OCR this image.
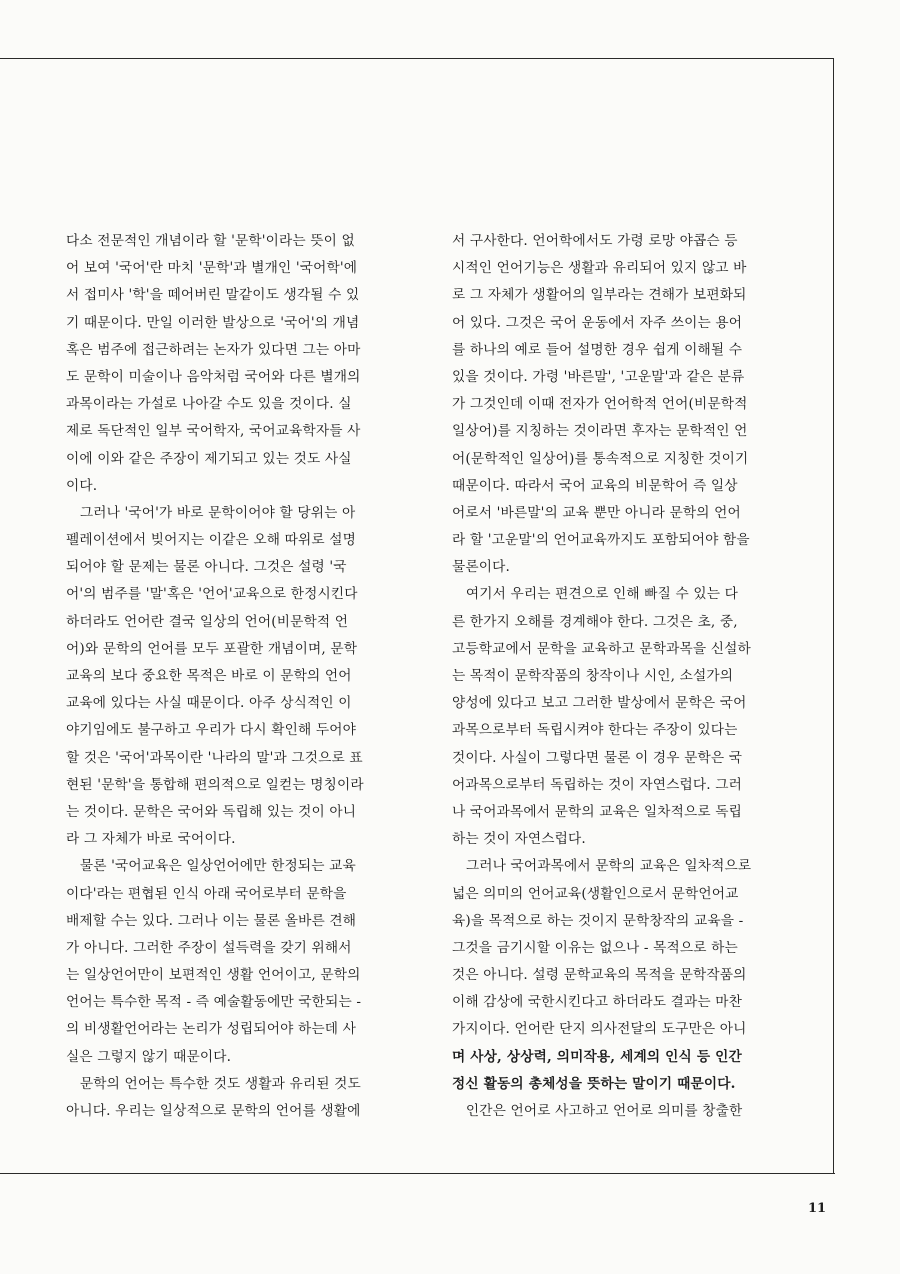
다소 전문적인 개념이라 할 '문학'이라는 뜻이 없
어 보여 '국어'란 마치 '문학'과 별개인 '국어학'에
서 접미사 '학'을 떼어버린 말같이도 생각될 수 있
기 때문이다. 만일 이러한 발상으로 '국어'의 개념
혹은 범주에 접근하려는 논자가 있다면 그는 아마
도 문학이 미술이나 음악처럼 국어와 다른 별개의
과목이라는 가설로 나아갈 수도 있을 것이다. 실
제로 독단적인 일부 국어학자, 국어교육학자들 사
이에 이와 같은 주장이 제기되고 있는 것도 사실
이다.
　그러나 '국어'가 바로 문학이어야 할 당위는 아
펠레이션에서 빚어지는 이같은 오해 따위로 설명
되어야 할 문제는 물론 아니다. 그것은 설령 '국
어'의 범주를 '말'혹은 '언어'교육으로 한정시킨다
하더라도 언어란 결국 일상의 언어(비문학적 언
어)와 문학의 언어를 모두 포괄한 개념이며, 문학
교육의 보다 중요한 목적은 바로 이 문학의 언어
교육에 있다는 사실 때문이다. 아주 상식적인 이
야기임에도 불구하고 우리가 다시 확인해 두어야
할 것은 '국어'과목이란 '나라의 말'과 그것으로 표
현된 '문학'을 통합해 편의적으로 일컫는 명칭이라
는 것이다. 문학은 국어와 독립해 있는 것이 아니
라 그 자체가 바로 국어이다.
　물론 '국어교육은 일상언어에만 한정되는 교육
이다'라는 편협된 인식 아래 국어로부터 문학을
배제할 수는 있다. 그러나 이는 물론 올바른 견해
가 아니다. 그러한 주장이 설득력을 갖기 위해서
는 일상언어만이 보편적인 생활 언어이고, 문학의
언어는 특수한 목적 - 즉 예술활동에만 국한되는 -
의 비생활언어라는 논리가 성립되어야 하는데 사
실은 그렇지 않기 때문이다.
　문학의 언어는 특수한 것도 생활과 유리된 것도
아니다. 우리는 일상적으로 문학의 언어를 생활에
서 구사한다. 언어학에서도 가령 로망 야콥슨 등
시적인 언어기능은 생활과 유리되어 있지 않고 바
로 그 자체가 생활어의 일부라는 견해가 보편화되
어 있다. 그것은 국어 운동에서 자주 쓰이는 용어
를 하나의 예로 들어 설명한 경우 쉽게 이해될 수
있을 것이다. 가령 '바른말', '고운말'과 같은 분류
가 그것인데 이때 전자가 언어학적 언어(비문학적
일상어)를 지칭하는 것이라면 후자는 문학적인 언
어(문학적인 일상어)를 통속적으로 지칭한 것이기
때문이다. 따라서 국어 교육의 비문학어 즉 일상
어로서 '바른말'의 교육 뿐만 아니라 문학의 언어
라 할 '고운말'의 언어교육까지도 포함되어야 함을
물론이다.
　여기서 우리는 편견으로 인해 빠질 수 있는 다
른 한가지 오해를 경계해야 한다. 그것은 초, 중,
고등학교에서 문학을 교육하고 문학과목을 신설하
는 목적이 문학작품의 창작이나 시인, 소설가의
양성에 있다고 보고 그러한 발상에서 문학은 국어
과목으로부터 독립시켜야 한다는 주장이 있다는
것이다. 사실이 그렇다면 물론 이 경우 문학은 국
어과목으로부터 독립하는 것이 자연스럽다. 그러
나 국어과목에서 문학의 교육은 일차적으로 독립
하는 것이 자연스럽다.
　그러나 국어과목에서 문학의 교육은 일차적으로
넓은 의미의 언어교육(생활인으로서 문학언어교
육)을 목적으로 하는 것이지 문학창작의 교육을 -
그것을 금기시할 이유는 없으나 - 목적으로 하는
것은 아니다. 설령 문학교육의 목적을 문학작품의
이해 감상에 국한시킨다고 하더라도 결과는 마찬
가지이다. 언어란 단지 의사전달의 도구만은 아니
며 사상, 상상력, 의미작용, 세계의 인식 등 인간
정신 활동의 총체성을 뜻하는 말이기 때문이다.
　인간은 언어로 사고하고 언어로 의미를 창출한
11
